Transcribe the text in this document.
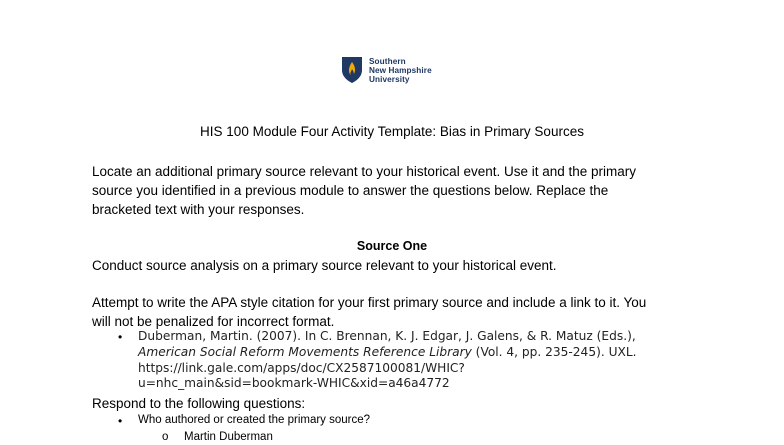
Southern
New Hampshire
University
HIS 100 Module Four Activity Template: Bias in Primary Sources
Locate an additional primary source relevant to your historical event. Use it and the primary
source you identified in a previous module to answer the questions below. Replace the
bracketed text with your responses.
Source One
Conduct source analysis on a primary source relevant to your historical event.
Attempt to write the APA style citation for your first primary source and include a link to it. You
will not be penalized for incorrect format.
•	Duberman, Martin. (2007). In C. Brennan, K. J. Edgar, J. Galens, & R. Matuz (Eds.),
American Social Reform Movements Reference Library (Vol. 4, pp. 235-245). UXL.
https://link.gale.com/apps/doc/CX2587100081/WHIC?
u=nhc_main&sid=bookmark-WHIC&xid=a46a4772
Respond to the following questions:
•	Who authored or created the primary source?
o	Martin Duberman
